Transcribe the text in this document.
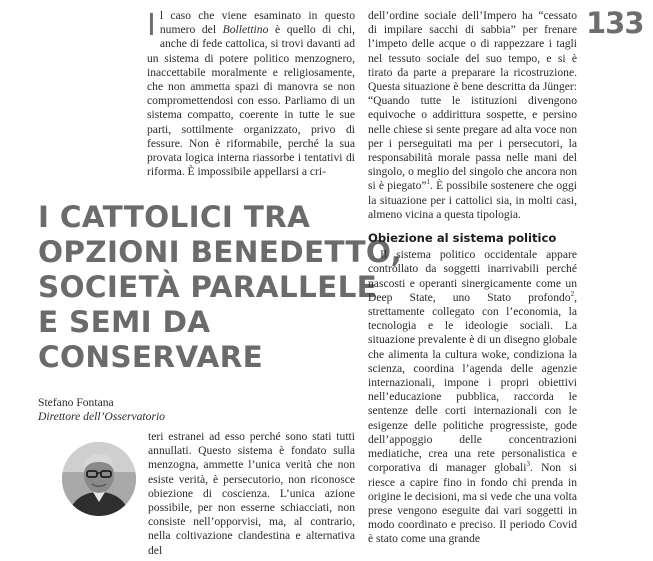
133

Il caso che viene esaminato in questo numero del Bollettino è quello di chi, anche di fede cattolica, si trovi davanti ad un sistema di potere politico menzognero, inaccettabile moralmente e religiosamente, che non ammetta spazi di manovra se non compromettendosi con esso. Parliamo di un sistema compatto, coerente in tutte le sue parti, sottilmente organizzato, privo di fessure. Non è riformabile, perché la sua provata logica interna riassorbe i tentativi di riforma. È impossibile appellarsi a cri-

I CATTOLICI TRA
OPZIONI BENEDETTO,
SOCIETÀ PARALLELE
E SEMI DA
CONSERVARE
Stefano Fontana
Direttore dell’Osservatorio

teri estranei ad esso perché sono stati tutti annullati. Questo sistema è fondato sulla menzogna, ammette l’unica verità che non esiste verità, è persecutorio, non riconosce obiezione di coscienza. L’unica azione possibile, per non esserne schiacciati, non consiste nell’opporvisi, ma, al contrario, nella coltivazione clandestina e alternativa del

dell’ordine sociale dell’Impero ha “cessato di impilare sacchi di sabbia” per frenare l’impeto delle acque o di rappezzare i tagli nel tessuto sociale del suo tempo, e si è tirato da parte a preparare la ricostruzione. Questa situazione è bene descritta da Jünger: “Quando tutte le istituzioni divengono equivoche o addirittura sospette, e persino nelle chiese si sente pregare ad alta voce non per i perseguitati ma per i persecutori, la responsabilità morale passa nelle mani del singolo, o meglio del singolo che ancora non si è piegato”$^1$. È possibile sostenere che oggi la situazione per i cattolici sia, in molti casi, almeno vicina a questa tipologia.

Obiezione al sistema politico

Il sistema politico occidentale appare controllato da soggetti inarrivabili perché nascosti e operanti sinergicamente come un Deep State, uno Stato profondo$^2$, strettamente collegato con l’economia, la tecnologia e le ideologie sociali. La situazione prevalente è di un disegno globale che alimenta la cultura woke, condiziona la scienza, coordina l’agenda delle agenzie internazionali, impone i propri obiettivi nell’educazione pubblica, raccorda le sentenze delle corti internazionali con le esigenze delle politiche progressiste, gode dell’appoggio delle concentrazioni mediatiche, crea una rete personalistica e corporativa di manager globali$^3$. Non si riesce a capire fino in fondo chi prenda in origine le decisioni, ma si vede che una volta prese vengono eseguite dai vari soggetti in modo coordinato e preciso. Il periodo Covid è stato come una grande
